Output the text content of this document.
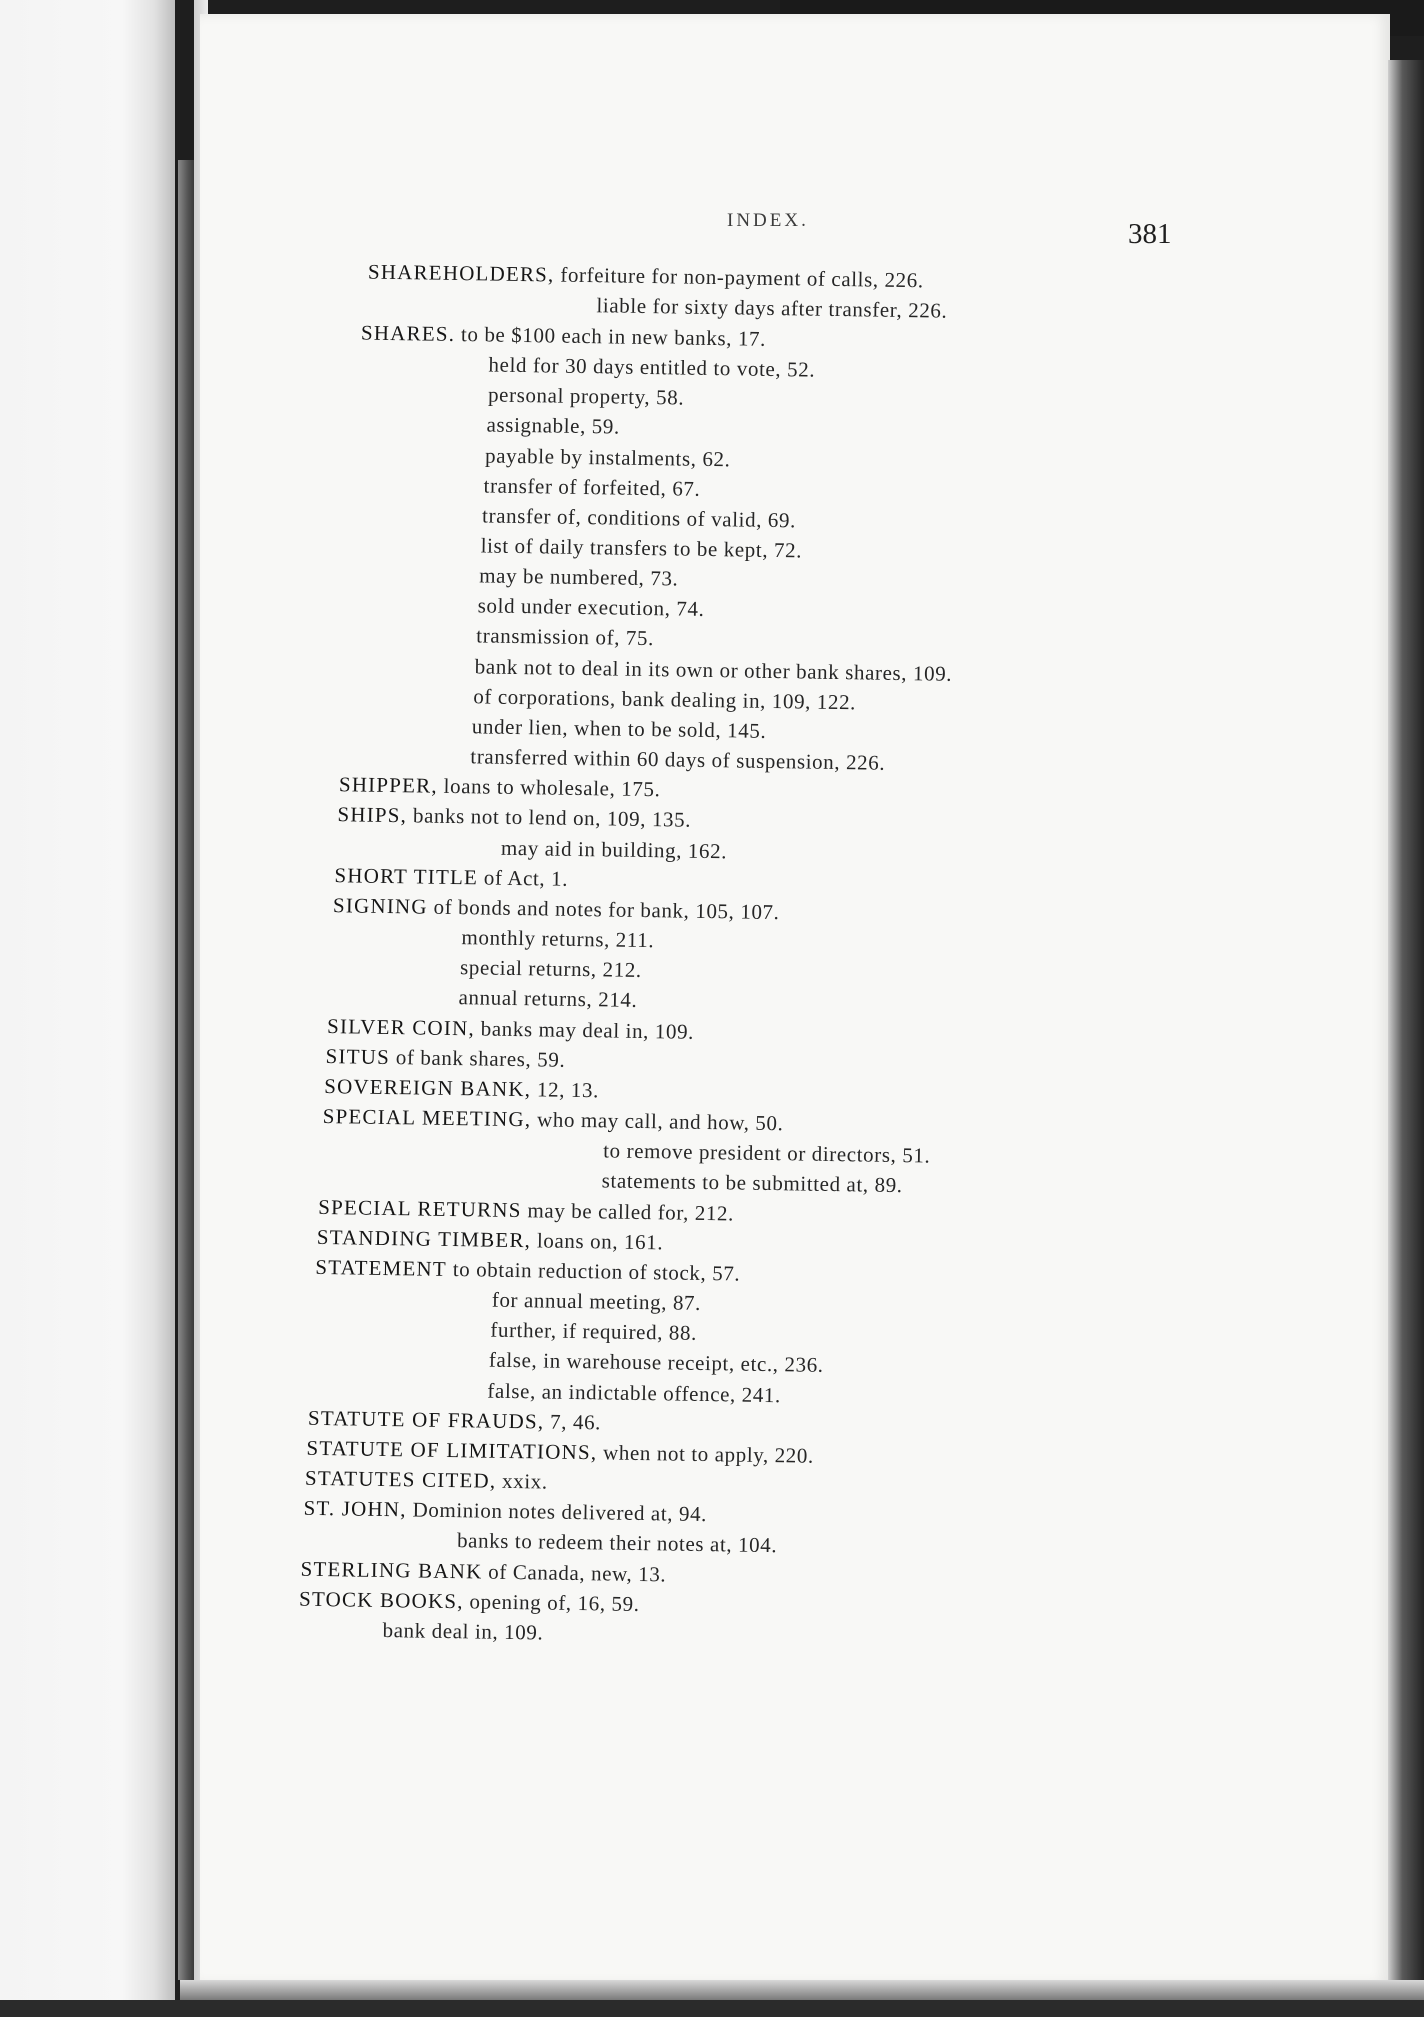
INDEX.	381
SHAREHOLDERS, forfeiture for non-payment of calls, 226.
liable for sixty days after transfer, 226.
SHARES. to be $100 each in new banks, 17.
held for 30 days entitled to vote, 52.
personal property, 58.
assignable, 59.
payable by instalments, 62.
transfer of forfeited, 67.
transfer of, conditions of valid, 69.
list of daily transfers to be kept, 72.
may be numbered, 73.
sold under execution, 74.
transmission of, 75.
bank not to deal in its own or other bank shares, 109.
of corporations, bank dealing in, 109, 122.
under lien, when to be sold, 145.
transferred within 60 days of suspension, 226.
SHIPPER, loans to wholesale, 175.
SHIPS, banks not to lend on, 109, 135.
may aid in building, 162.
SHORT TITLE of Act, 1.
SIGNING of bonds and notes for bank, 105, 107.
monthly returns, 211.
special returns, 212.
annual returns, 214.
SILVER COIN, banks may deal in, 109.
SITUS of bank shares, 59.
SOVEREIGN BANK, 12, 13.
SPECIAL MEETING, who may call, and how, 50.
to remove president or directors, 51.
statements to be submitted at, 89.
SPECIAL RETURNS may be called for, 212.
STANDING TIMBER, loans on, 161.
STATEMENT to obtain reduction of stock, 57.
for annual meeting, 87.
further, if required, 88.
false, in warehouse receipt, etc., 236.
false, an indictable offence, 241.
STATUTE OF FRAUDS, 7, 46.
STATUTE OF LIMITATIONS, when not to apply, 220.
STATUTES CITED, xxix.
ST. JOHN, Dominion notes delivered at, 94.
banks to redeem their notes at, 104.
STERLING BANK of Canada, new, 13.
STOCK BOOKS, opening of, 16, 59.
bank deal in, 109.
